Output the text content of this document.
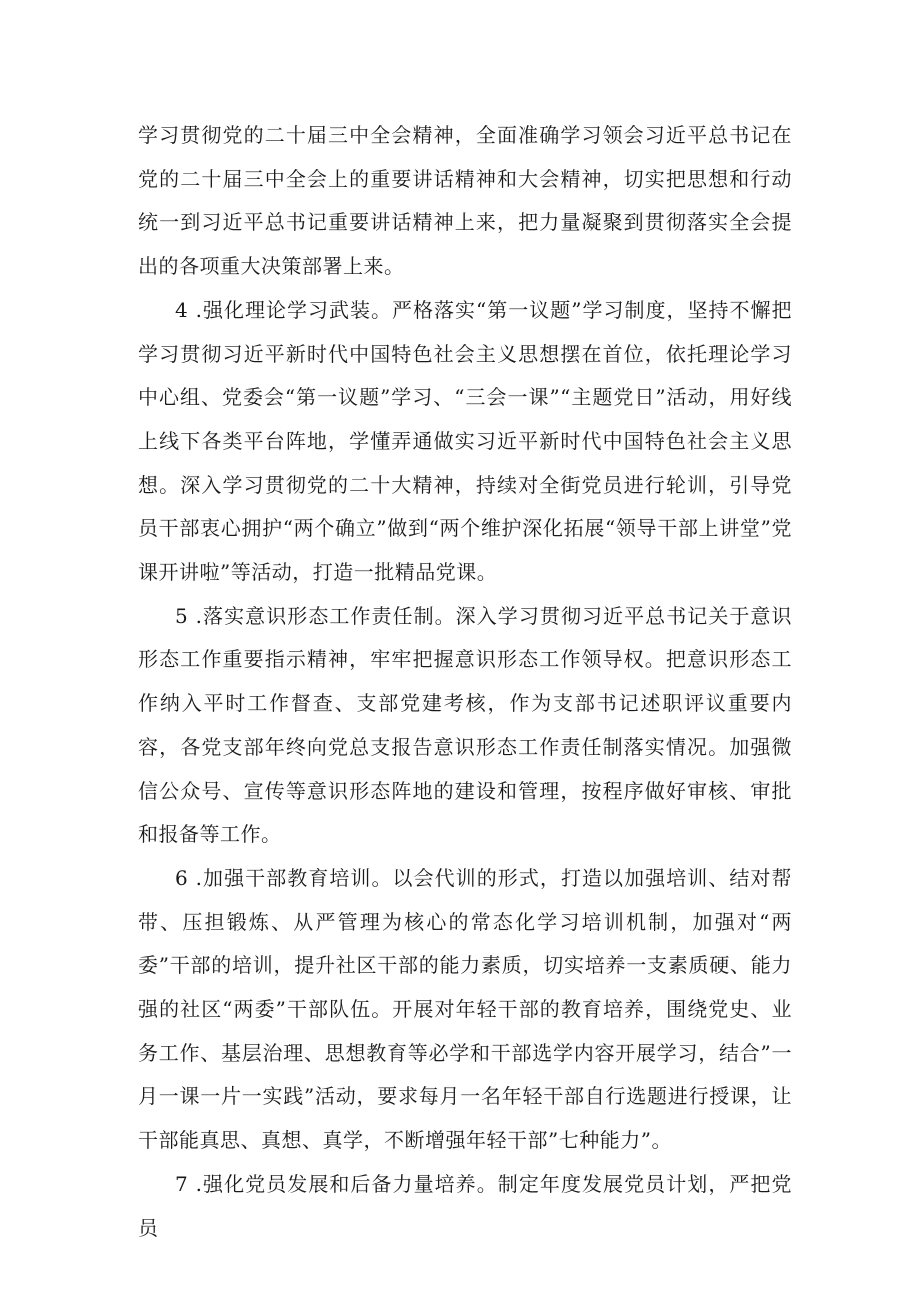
学习贯彻党的二十届三中全会精神，全面准确学习领会习近平总书记在党的二十届三中全会上的重要讲话精神和大会精神，切实把思想和行动统一到习近平总书记重要讲话精神上来，把力量凝聚到贯彻落实全会提出的各项重大决策部署上来。

4 .强化理论学习武装。严格落实“第一议题”学习制度，坚持不懈把学习贯彻习近平新时代中国特色社会主义思想摆在首位，依托理论学习中心组、党委会“第一议题”学习、“三会一课”“主题党日”活动，用好线上线下各类平台阵地，学懂弄通做实习近平新时代中国特色社会主义思想。深入学习贯彻党的二十大精神，持续对全街党员进行轮训，引导党员干部衷心拥护“两个确立”做到“两个维护深化拓展“领导干部上讲堂”党课开讲啦”等活动，打造一批精品党课。

5 .落实意识形态工作责任制。深入学习贯彻习近平总书记关于意识形态工作重要指示精神，牢牢把握意识形态工作领导权。把意识形态工作纳入平时工作督查、支部党建考核，作为支部书记述职评议重要内容，各党支部年终向党总支报告意识形态工作责任制落实情况。加强微信公众号、宣传等意识形态阵地的建设和管理，按程序做好审核、审批和报备等工作。

6 .加强干部教育培训。以会代训的形式，打造以加强培训、结对帮带、压担锻炼、从严管理为核心的常态化学习培训机制，加强对“两委”干部的培训，提升社区干部的能力素质，切实培养一支素质硬、能力强的社区“两委”干部队伍。开展对年轻干部的教育培养，围绕党史、业务工作、基层治理、思想教育等必学和干部选学内容开展学习，结合”一月一课一片一实践”活动，要求每月一名年轻干部自行选题进行授课，让干部能真思、真想、真学，不断增强年轻干部”七种能力”。

7 .强化党员发展和后备力量培养。制定年度发展党员计划，严把党员
